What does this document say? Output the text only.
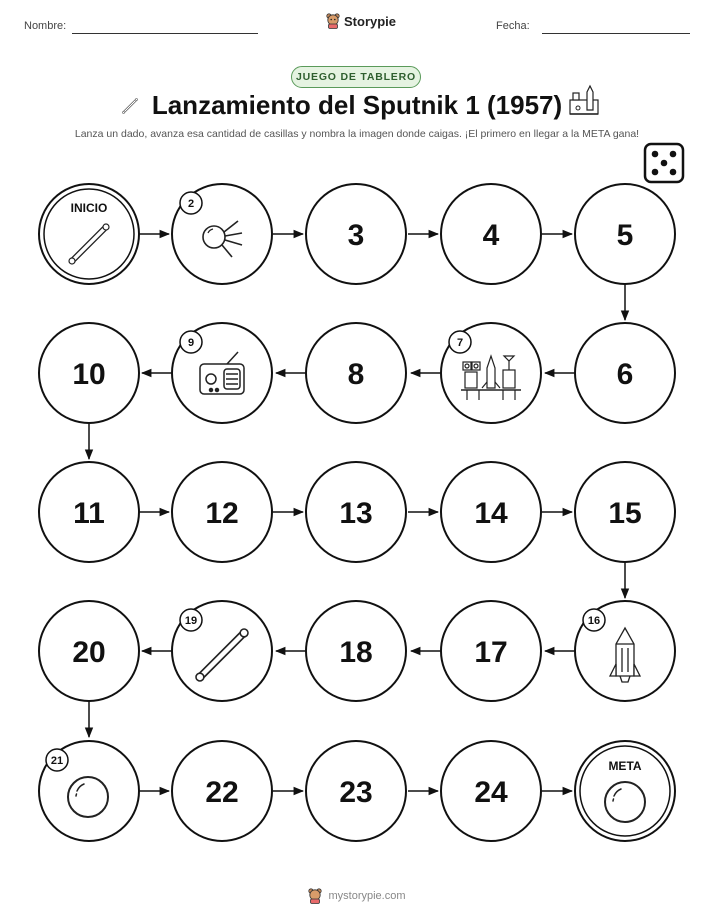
Nombre:	Storypie	Fecha:
JUEGO DE TABLERO
Lanzamiento del Sputnik 1 (1957)
Lanza un dado, avanza esa cantidad de casillas y nombra la imagen donde caigas. ¡El primero en llegar a la META gana!
INICIO	2
3	4	5
6
7
8
9
10
11	12	13	14	15
16
17
18
19
20
21
22	23	24
META
mystorypie.com
